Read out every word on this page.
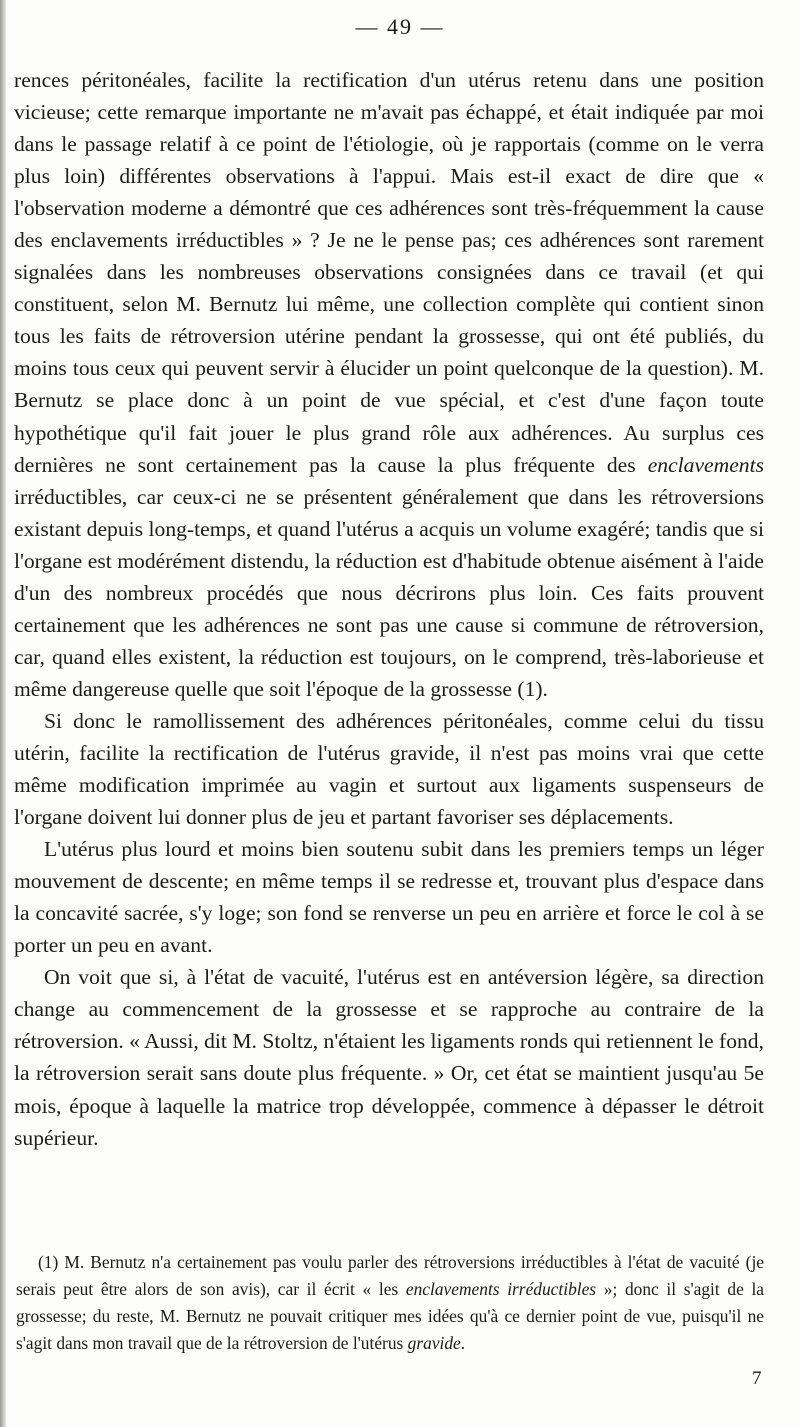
— 49 —

rences péritonéales, facilite la rectification d'un utérus retenu dans une position vicieuse; cette remarque importante ne m'avait pas échappé, et était indiquée par moi dans le passage relatif à ce point de l'étiologie, où je rapportais (comme on le verra plus loin) différentes observations à l'appui. Mais est-il exact de dire que « l'observation moderne a démontré que ces adhérences sont très-fréquemment la cause des enclavements irréductibles » ? Je ne le pense pas; ces adhérences sont rarement signalées dans les nombreuses observations consignées dans ce travail (et qui constituent, selon M. Bernutz lui même, une collection complète qui contient sinon tous les faits de rétroversion utérine pendant la grossesse, qui ont été publiés, du moins tous ceux qui peuvent servir à élucider un point quelconque de la question). M. Bernutz se place donc à un point de vue spécial, et c'est d'une façon toute hypothétique qu'il fait jouer le plus grand rôle aux adhérences. Au surplus ces dernières ne sont certainement pas la cause la plus fréquente des enclavements irréductibles, car ceux-ci ne se présentent généralement que dans les rétroversions existant depuis long-temps, et quand l'utérus a acquis un volume exagéré; tandis que si l'organe est modérément distendu, la réduction est d'habitude obtenue aisément à l'aide d'un des nombreux procédés que nous décrirons plus loin. Ces faits prouvent certainement que les adhérences ne sont pas une cause si commune de rétroversion, car, quand elles existent, la réduction est toujours, on le comprend, très-laborieuse et même dangereuse quelle que soit l'époque de la grossesse (1).

Si donc le ramollissement des adhérences péritonéales, comme celui du tissu utérin, facilite la rectification de l'utérus gravide, il n'est pas moins vrai que cette même modification imprimée au vagin et surtout aux ligaments suspenseurs de l'organe doivent lui donner plus de jeu et partant favoriser ses déplacements.

L'utérus plus lourd et moins bien soutenu subit dans les premiers temps un léger mouvement de descente; en même temps il se redresse et, trouvant plus d'espace dans la concavité sacrée, s'y loge; son fond se renverse un peu en arrière et force le col à se porter un peu en avant.

On voit que si, à l'état de vacuité, l'utérus est en antéversion légère, sa direction change au commencement de la grossesse et se rapproche au contraire de la rétroversion. « Aussi, dit M. Stoltz, n'étaient les ligaments ronds qui retiennent le fond, la rétroversion serait sans doute plus fréquente. » Or, cet état se maintient jusqu'au 5e mois, époque à laquelle la matrice trop développée, commence à dépasser le détroit supérieur.

(1) M. Bernutz n'a certainement pas voulu parler des rétroversions irréductibles à l'état de vacuité (je serais peut être alors de son avis), car il écrit « les enclavements irréductibles »; donc il s'agit de la grossesse; du reste, M. Bernutz ne pouvait critiquer mes idées qu'à ce dernier point de vue, puisqu'il ne s'agit dans mon travail que de la rétroversion de l'utérus gravide.

7
